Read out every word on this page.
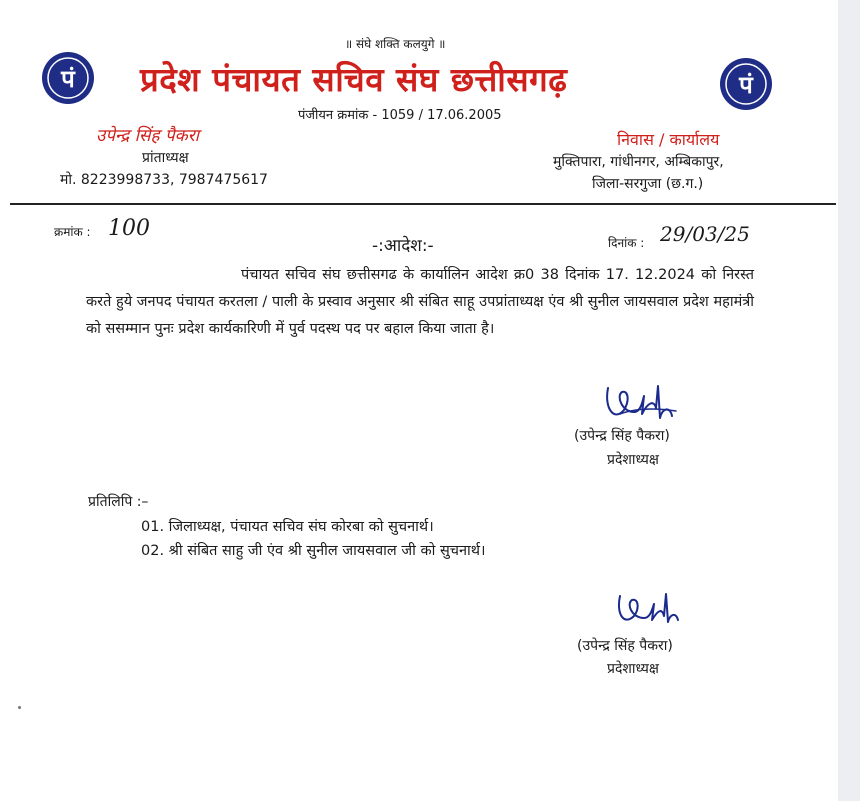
॥ संघे शक्ति कलयुगे ॥
पं	पं
प्रदेश पंचायत सचिव संघ छत्तीसगढ़
पंजीयन क्रमांक - 1059 / 17.06.2005
उपेन्द्र सिंह पैकरा
प्रांताध्यक्ष
मो. 8223998733, 7987475617
निवास / कार्यालय
मुक्तिपारा, गांधीनगर, अम्बिकापुर,
जिला-सरगुजा (छ.ग.)
क्रमांक : 100
-:आदेश:-	दिनांक : 29/03/25

पंचायत सचिव संघ छत्तीसगढ के कार्यालिन आदेश क्र0 38 दिनांक 17. 12.2024 को निरस्त करते हुये जनपद पंचायत करतला / पाली के प्रस्वाव अनुसार श्री संबित साहू उपप्रांताध्यक्ष एंव श्री सुनील जायसवाल प्रदेश महामंत्री को ससम्मान पुनः प्रदेश कार्यकारिणी में पुर्व पदस्थ पद पर बहाल किया जाता है।

(उपेन्द्र सिंह पैकरा)
प्रदेशाध्यक्ष
प्रतिलिपि :–
01. जिलाध्यक्ष, पंचायत सचिव संघ कोरबा को सुचनार्थ।
02. श्री संबित साहु जी एंव श्री सुनील जायसवाल जी को सुचनार्थ।
(उपेन्द्र सिंह पैकरा)
प्रदेशाध्यक्ष
